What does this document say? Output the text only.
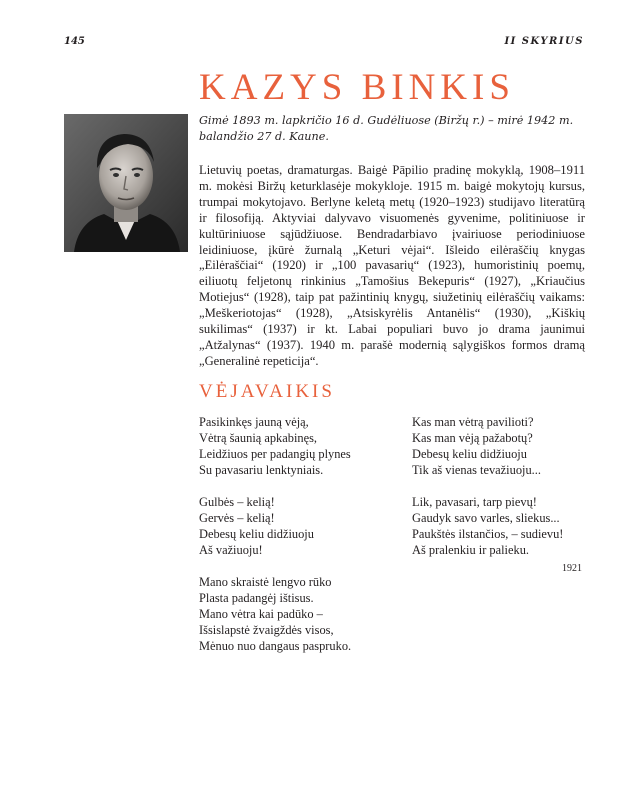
145	II SKYRIUS
KAZYS BINKIS

Gimė 1893 m. lapkričio 16 d. Gudėliuose (Biržų r.) – mirė 1942 m. balandžio 27 d. Kaune.

Lietuvių poetas, dramaturgas. Baigė Pāpilio pradinę mokyklą, 1908–1911 m. mokėsi Biržų keturklasėje mokykloje. 1915 m. baigė mokytojų kursus, trumpai mokytojavo. Berlyne keletą metų (1920–1923) studijavo literatūrą ir filosofiją. Aktyviai dalyvavo visuomenės gyvenime, politiniuose ir kultūriniuose sąjūdžiuose. Bendradarbiavo įvairiuose periodiniuose leidiniuose, įkūrė žurnalą „Keturi vėjai“. Išleido eilėraščių knygas „Eilėraščiai“ (1920) ir „100 pavasarių“ (1923), humoristinių poemų, eiliuotų feljetonų rinkinius „Tamošius Bekepuris“ (1927), „Kriaučius Motiejus“ (1928), taip pat pažintinių knygų, siužetinių eilėraščių vaikams: „Meškeriotojas“ (1928), „Atsiskyrėlis Antanėlis“ (1930), „Kiškių sukilimas“ (1937) ir kt. Labai populiari buvo jo drama jaunimui „Atžalynas“ (1937). 1940 m. parašė modernią sąlygiškos formos dramą „Generalinė repeticija“.

VĖJAVAIKIS
Pasikinkęs jauną vėją,
Vėtrą šaunią apkabinęs,
Leidžiuos per padangių plynes
Su pavasariu lenktyniais.
Gulbės – kelią!
Gervės – kelią!
Debesų keliu didžiuoju
Aš važiuoju!
Mano skraistė lengvo rūko
Plasta padangėj ištisus.
Mano vėtra kai padūko –
Išsislapstė žvaigždės visos,
Mėnuo nuo dangaus paspruko.
Kas man vėtrą pavilioti?
Kas man vėją pažabotų?
Debesų keliu didžiuoju
Tik aš vienas tevažiuoju...
Lik, pavasari, tarp pievų!
Gaudyk savo varles, sliekus...
Paukštės ilstančios, – sudievu!
Aš pralenkiu ir palieku.
1921
